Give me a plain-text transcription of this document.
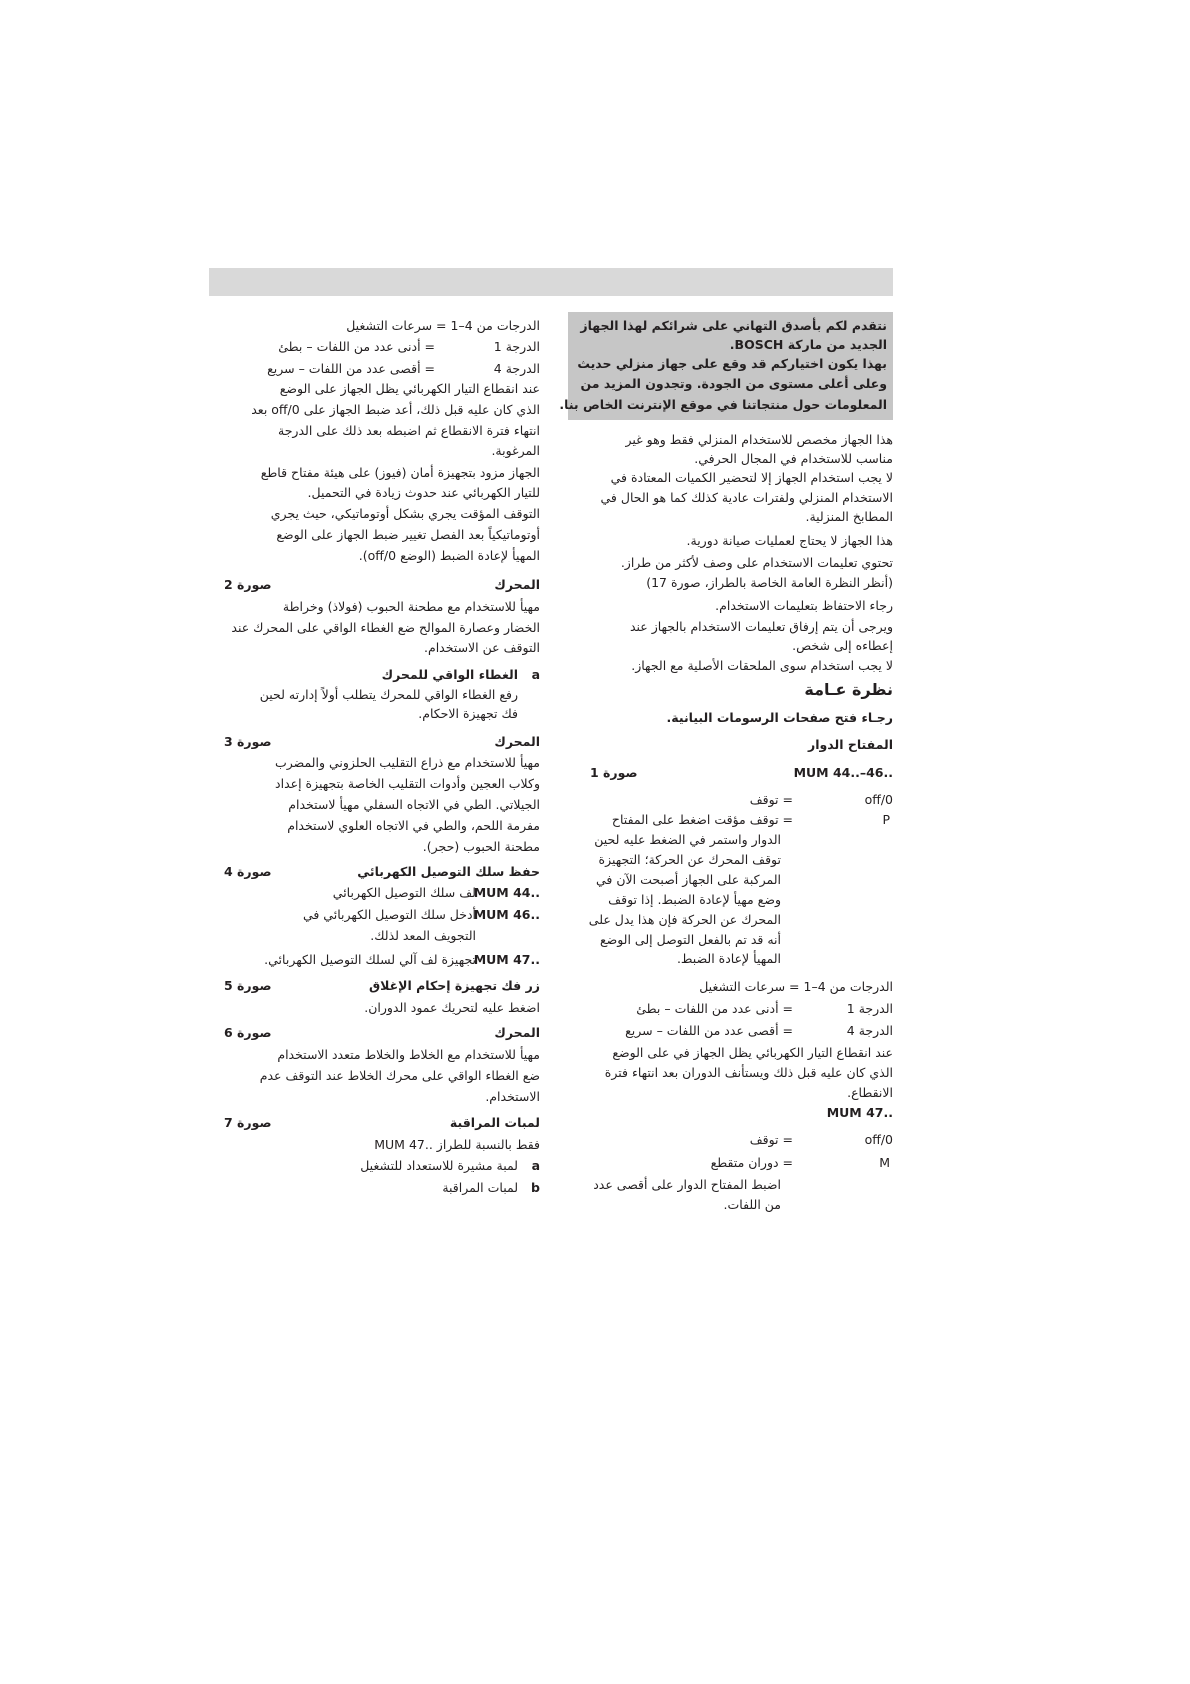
نتقدم لكم بأصدق التهاني على شرائكم لهذا الجهاز
الجديد من ماركة BOSCH.
بهذا يكون اختياركم قد وقع على جهاز منزلي حديث
وعلى أعلى مستوى من الجودة. وتجدون المزيد من
المعلومات حول منتجاتنا في موقع الإنترنت الخاص بنا.
هذا الجهاز مخصص للاستخدام المنزلي فقط وهو غير
مناسب للاستخدام في المجال الحرفي.
لا يجب استخدام الجهاز إلا لتحضير الكميات المعتادة في
الاستخدام المنزلي ولفترات عادية كذلك كما هو الحال في
المطابخ المنزلية.
هذا الجهاز لا يحتاج لعمليات صيانة دورية.
تحتوي تعليمات الاستخدام على وصف لأكثر من طراز.
(أنظر النظرة العامة الخاصة بالطراز، صورة 17)
رجاء الاحتفاظ بتعليمات الاستخدام.
ويرجى أن يتم إرفاق تعليمات الاستخدام بالجهاز عند
إعطاءه إلى شخص.
لا يجب استخدام سوى الملحقات الأصلية مع الجهاز.
نظرة عـامة
رجـاء فتح صفحات الرسومات البيانية.
المفتاح الدوار
MUM 44..–46..
صورة 1
off/0
= توقف
P
= توقف مؤقت اضغط على المفتاح
الدوار واستمر في الضغط عليه لحين
توقف المحرك عن الحركة؛ التجهيزة
المركبة على الجهاز أصبحت الآن في
وضع مهيأ لإعادة الضبط. إذا توقف
المحرك عن الحركة فإن هذا يدل على
أنه قد تم بالفعل التوصل إلى الوضع
المهيأ لإعادة الضبط.
الدرجات من 4–1 = سرعات التشغيل
الدرجة 1
= أدنى عدد من اللفات – بطئ
الدرجة 4
= أقصى عدد من اللفات – سريع
عند انقطاع التيار الكهربائي يظل الجهاز في على الوضع
الذي كان عليه قبل ذلك ويستأنف الدوران بعد انتهاء فترة
الانقطاع.
MUM 47..
off/0
= توقف
M
= دوران متقطع
اضبط المفتاح الدوار على أقصى عدد
من اللفات.
الدرجات من 4–1 = سرعات التشغيل
الدرجة 1
= أدنى عدد من اللفات – بطئ
الدرجة 4
= أقصى عدد من اللفات – سريع
عند انقطاع التيار الكهربائي يظل الجهاز على الوضع
الذي كان عليه قبل ذلك، أعد ضبط الجهاز على off/0 بعد
انتهاء فترة الانقطاع ثم اضبطه بعد ذلك على الدرجة
المرغوبة.
الجهاز مزود بتجهيزة أمان (فيوز) على هيئة مفتاح قاطع
للتيار الكهربائي عند حدوث زيادة في التحميل.
التوقف المؤقت يجري بشكل أوتوماتيكي، حيث يجري
أوتوماتيكياً بعد الفصل تغيير ضبط الجهاز على الوضع
المهيأ لإعادة الضبط (الوضع off/0).
المحرك
صورة 2
مهيأ للاستخدام مع مطحنة الحبوب (فولاذ) وخراطة
الخضار وعصارة الموالح ضع الغطاء الواقي على المحرك عند
التوقف عن الاستخدام.
a
الغطاء الواقي للمحرك
رفع الغطاء الواقي للمحرك يتطلب أولاً إدارته لحين
فك تجهيزة الاحكام.
المحرك
صورة 3
مهيأ للاستخدام مع ذراع التقليب الحلزوني والمضرب
وكلاب العجين وأدوات التقليب الخاصة بتجهيزة إعداد
الجيلاتي. الطي في الاتجاه السفلي مهيأ لاستخدام
مفرمة اللحم، والطي في الاتجاه العلوي لاستخدام
مطحنة الحبوب (حجر).
حفظ سلك التوصيل الكهربائي
صورة 4
MUM 44..
لف سلك التوصيل الكهربائي
MUM 46..
أدخل سلك التوصيل الكهربائي في
التجويف المعد لذلك.
MUM 47..
تجهيزة لف آلي لسلك التوصيل الكهربائي.
زر فك تجهيزة إحكام الإغلاق
صورة 5
اضغط عليه لتحريك عمود الدوران.
المحرك
صورة 6
مهيأ للاستخدام مع الخلاط والخلاط متعدد الاستخدام
ضع الغطاء الواقي على محرك الخلاط عند التوقف عدم
الاستخدام.
لمبات المراقبة
صورة 7
فقط بالنسبة للطراز ..MUM 47
a
لمبة مشيرة للاستعداد للتشغيل
b
لمبات المراقبة
